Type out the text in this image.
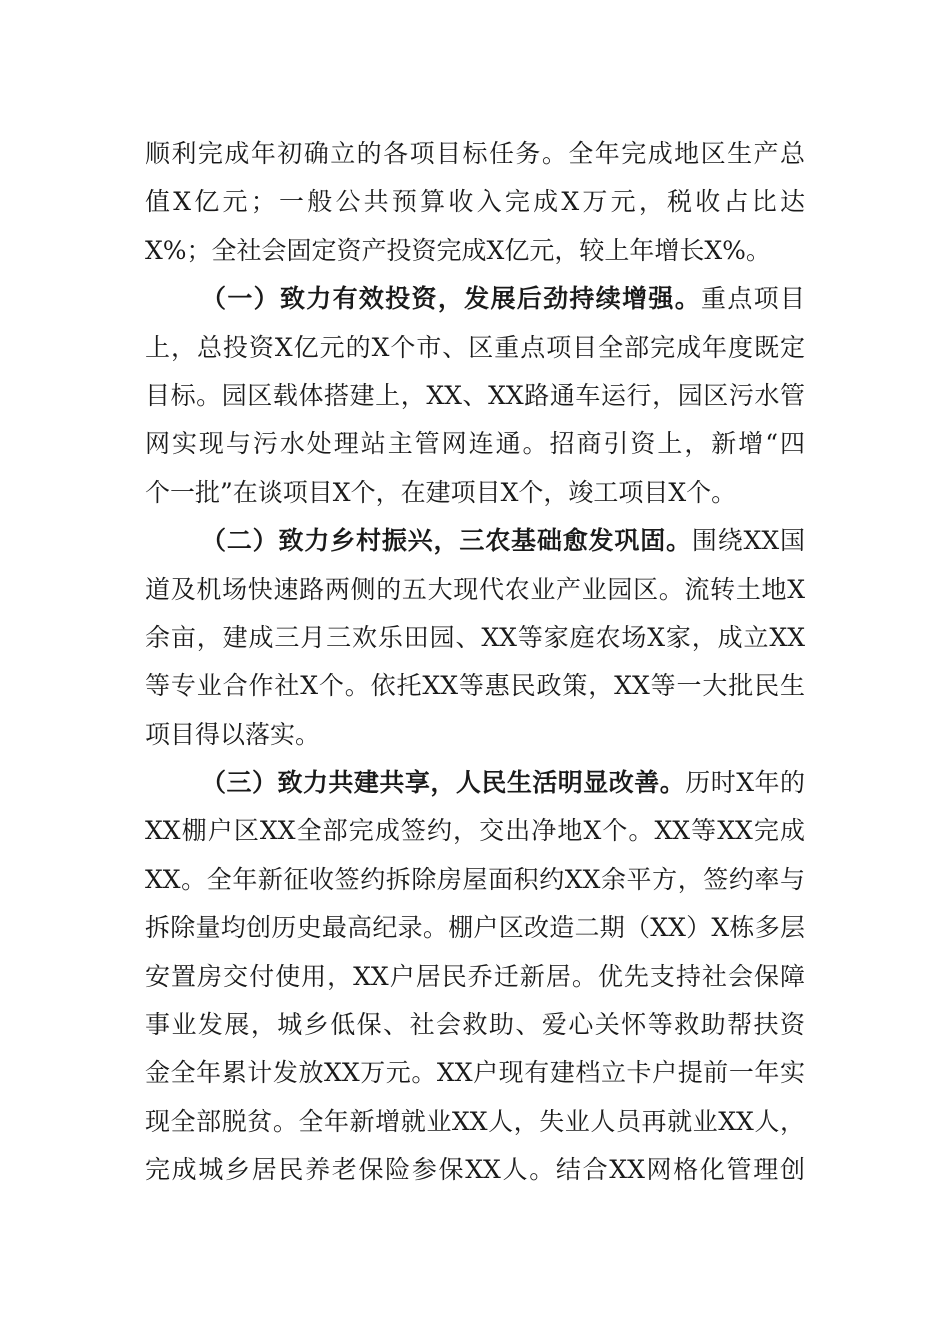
顺利完成年初确立的各项目标任务。全年完成地区生产总
值X亿元；一般公共预算收入完成X万元，税收占比达
X%；全社会固定资产投资完成X亿元，较上年增长X%。
（一）致力有效投资，发展后劲持续增强。重点项目
上，总投资X亿元的X个市、区重点项目全部完成年度既定
目标。园区载体搭建上，XX、XX路通车运行，园区污水管
网实现与污水处理站主管网连通。招商引资上，新增“四
个一批”在谈项目X个，在建项目X个，竣工项目X个。
（二）致力乡村振兴，三农基础愈发巩固。围绕XX国
道及机场快速路两侧的五大现代农业产业园区。流转土地X
余亩，建成三月三欢乐田园、XX等家庭农场X家，成立XX
等专业合作社X个。依托XX等惠民政策，XX等一大批民生
项目得以落实。
（三）致力共建共享，人民生活明显改善。历时X年的
XX棚户区XX全部完成签约，交出净地X个。XX等XX完成
XX。全年新征收签约拆除房屋面积约XX余平方，签约率与
拆除量均创历史最高纪录。棚户区改造二期（XX）X栋多层
安置房交付使用，XX户居民乔迁新居。优先支持社会保障
事业发展，城乡低保、社会救助、爱心关怀等救助帮扶资
金全年累计发放XX万元。XX户现有建档立卡户提前一年实
现全部脱贫。全年新增就业XX人，失业人员再就业XX人，
完成城乡居民养老保险参保XX人。结合XX网格化管理创
